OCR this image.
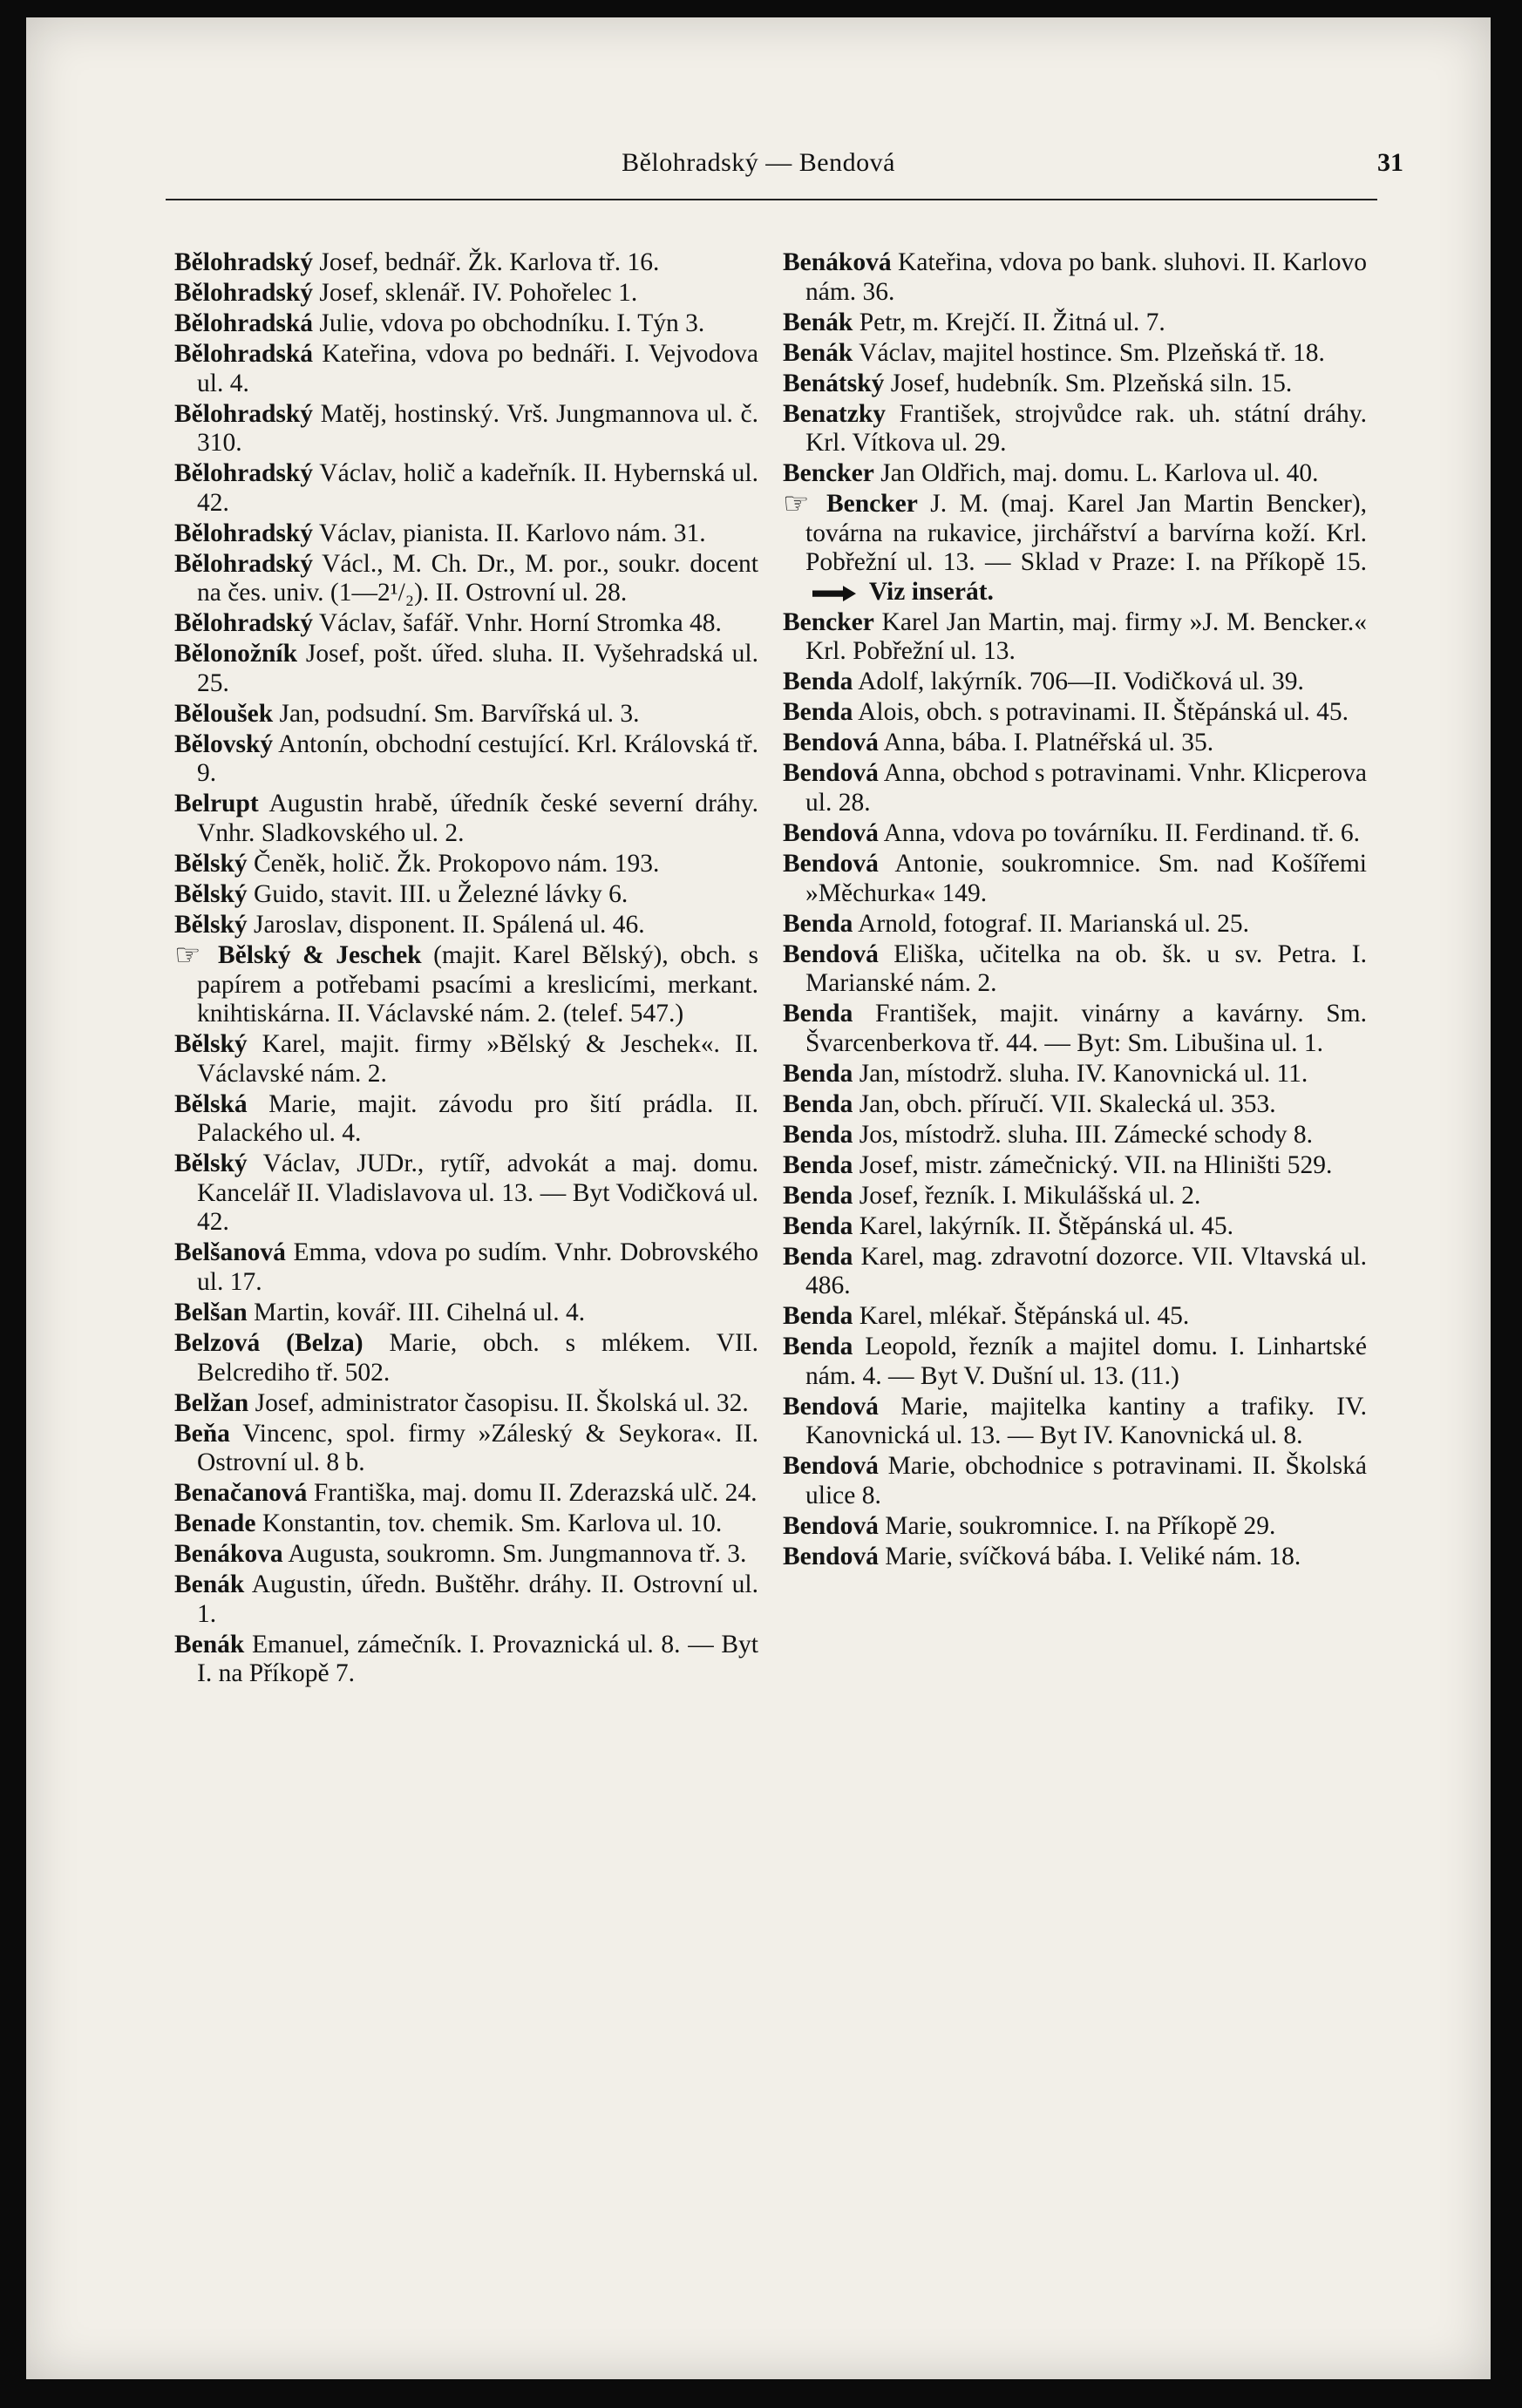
Bělohradský — Bendová	31

Bělohradský Josef, bednář. Žk. Karlova tř. 16.

Bělohradský Josef, sklenář. IV. Pohořelec 1.

Bělohradská Julie, vdova po obchodníku. I. Týn 3.

Bělohradská Kateřina, vdova po bednáři. I. Vejvodova ul. 4.

Bělohradský Matěj, hostinský. Vrš. Jungmannova ul. č. 310.

Bělohradský Václav, holič a kadeřník. II. Hybernská ul. 42.

Bělohradský Václav, pianista. II. Karlovo nám. 31.

Bělohradský Václ., M. Ch. Dr., M. por., soukr. docent na čes. univ. (1—2¹/₂). II. Ostrovní ul. 28.

Bělohradský Václav, šafář. Vnhr. Horní Stromka 48.

Bělonožník Josef, pošt. úřed. sluha. II. Vyšehradská ul. 25.

Běloušek Jan, podsudní. Sm. Barvířská ul. 3.

Bělovský Antonín, obchodní cestující. Krl. Královská tř. 9.

Belrupt Augustin hrabě, úředník české severní dráhy. Vnhr. Sladkovského ul. 2.

Bělský Čeněk, holič. Žk. Prokopovo nám. 193.

Bělský Guido, stavit. III. u Železné lávky 6.

Bělský Jaroslav, disponent. II. Spálená ul. 46.

☞ Bělský & Jeschek (majit. Karel Bělský), obch. s papírem a potřebami psacími a kreslicími, merkant. knihtiskárna. II. Václavské nám. 2. (telef. 547.)

Bělský Karel, majit. firmy »Bělský & Jeschek«. II. Václavské nám. 2.

Bělská Marie, majit. závodu pro šití prádla. II. Palackého ul. 4.

Bělský Václav, JUDr., rytíř, advokát a maj. domu. Kancelář II. Vladislavova ul. 13. — Byt Vodičková ul. 42.

Belšanová Emma, vdova po sudím. Vnhr. Dobrovského ul. 17.

Belšan Martin, kovář. III. Cihelná ul. 4.

Belzová (Belza) Marie, obch. s mlékem. VII. Belcrediho tř. 502.

Belžan Josef, administrator časopisu. II. Školská ul. 32.

Beňa Vincenc, spol. firmy »Záleský & Seykora«. II. Ostrovní ul. 8 b.

Benačanová Františka, maj. domu II. Zderazská ulč. 24.

Benade Konstantin, tov. chemik. Sm. Karlova ul. 10.

Benákova Augusta, soukromn. Sm. Jungmannova tř. 3.

Benák Augustin, úředn. Buštěhr. dráhy. II. Ostrovní ul. 1.

Benák Emanuel, zámečník. I. Provaznická ul. 8. — Byt I. na Příkopě 7.

Benáková Kateřina, vdova po bank. sluhovi. II. Karlovo nám. 36.

Benák Petr, m. Krejčí. II. Žitná ul. 7.

Benák Václav, majitel hostince. Sm. Plzeňská tř. 18.

Benátský Josef, hudebník. Sm. Plzeňská siln. 15.

Benatzky František, strojvůdce rak. uh. státní dráhy. Krl. Vítkova ul. 29.

Bencker Jan Oldřich, maj. domu. L. Karlova ul. 40.

☞ Bencker J. M. (maj. Karel Jan Martin Bencker), továrna na rukavice, jirchářství a barvírna koží. Krl. Pobřežní ul. 13. — Sklad v Praze: I. na Příkopě 15. Viz inserát.

Bencker Karel Jan Martin, maj. firmy »J. M. Bencker.« Krl. Pobřežní ul. 13.

Benda Adolf, lakýrník. 706—II. Vodičková ul. 39.

Benda Alois, obch. s potravinami. II. Štěpánská ul. 45.

Bendová Anna, bába. I. Platnéřská ul. 35.

Bendová Anna, obchod s potravinami. Vnhr. Klicperova ul. 28.

Bendová Anna, vdova po továrníku. II. Ferdinand. tř. 6.

Bendová Antonie, soukromnice. Sm. nad Košířemi »Měchurka« 149.

Benda Arnold, fotograf. II. Marianská ul. 25.

Bendová Eliška, učitelka na ob. šk. u sv. Petra. I. Marianské nám. 2.

Benda František, majit. vinárny a kavárny. Sm. Švarcenberkova tř. 44. — Byt: Sm. Libušina ul. 1.

Benda Jan, místodrž. sluha. IV. Kanovnická ul. 11.

Benda Jan, obch. příručí. VII. Skalecká ul. 353.

Benda Jos, místodrž. sluha. III. Zámecké schody 8.

Benda Josef, mistr. zámečnický. VII. na Hliništi 529.

Benda Josef, řezník. I. Mikulášská ul. 2.

Benda Karel, lakýrník. II. Štěpánská ul. 45.

Benda Karel, mag. zdravotní dozorce. VII. Vltavská ul. 486.

Benda Karel, mlékař. Štěpánská ul. 45.

Benda Leopold, řezník a majitel domu. I. Linhartské nám. 4. — Byt V. Dušní ul. 13. (11.)

Bendová Marie, majitelka kantiny a trafiky. IV. Kanovnická ul. 13. — Byt IV. Kanovnická ul. 8.

Bendová Marie, obchodnice s potravinami. II. Školská ulice 8.

Bendová Marie, soukromnice. I. na Příkopě 29.

Bendová Marie, svíčková bába. I. Veliké nám. 18.
